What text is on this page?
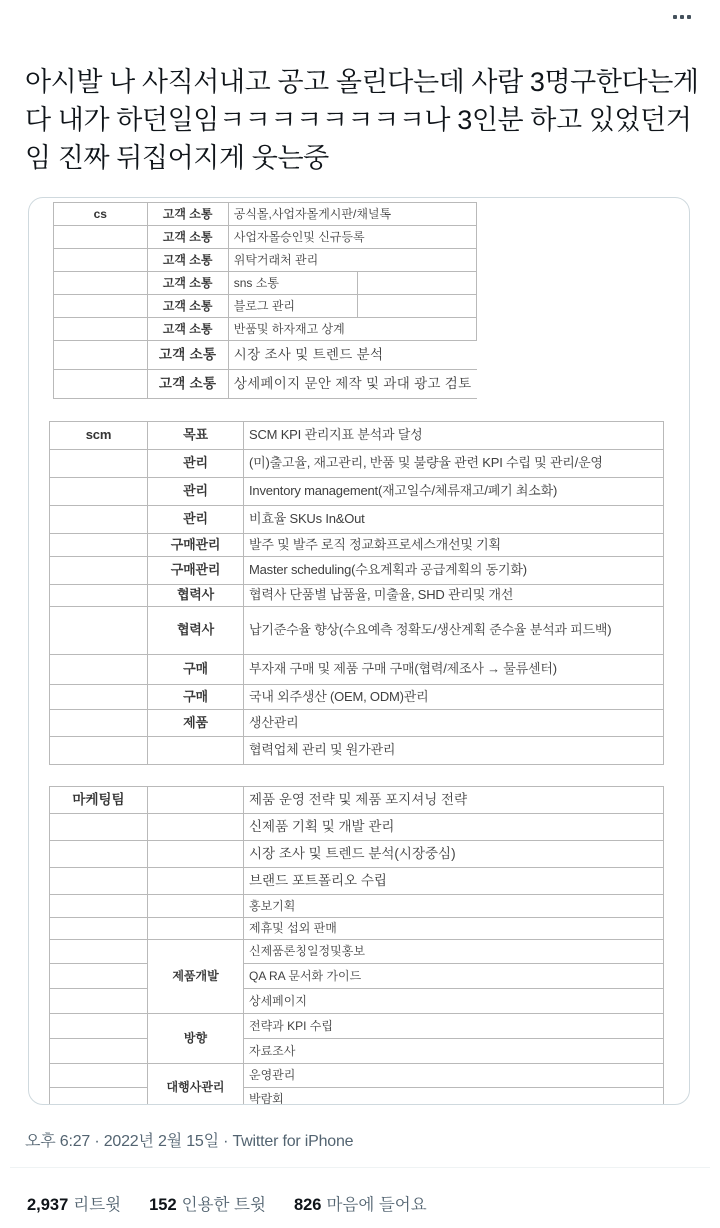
아시발 나 사직서내고 공고 올린다는데 사람 3명구한다는게 다 내가 하던일임ㅋㅋㅋㅋㅋㅋㅋㅋ나 3인분 하고 있었던거임 진짜 뒤집어지게 웃는중
cs	고객 소통	공식몰,사업자몰게시판/채널톡		
	고객 소통	사업자몰승인및 신규등록		
	고객 소통	위탁거래처 관리		
	고객 소통	sns 소통		
	고객 소통	블로그 관리		
	고객 소통	반품및 하자재고 상계		
	고객 소통	시장 조사 및 트렌드 분석		
	고객 소통	상세페이지 문안 제작 및 과대 광고 검토		
scm	목표	SCM KPI 관리지표 분석과 달성
	관리	(미)출고율, 재고관리, 반품 및 불량율 관련 KPI 수립 및 관리/운영
	관리	Inventory management(재고일수/체류재고/폐기 최소화)
	관리	비효율 SKUs In&Out
	구매관리	발주 및 발주 로직 정교화프로세스개선및 기획
	구매관리	Master scheduling(수요계획과 공급계획의 동기화)
	협력사	협력사 단품별 납품율, 미출율, SHD 관리및 개선
	협력사	납기준수율 향상(수요예측 정확도/생산계획 준수율 분석과 피드백)
	구매	부자재 구매 및 제품 구매 구매(협력/제조사 → 물류센터)
	구매	국내 외주생산 (OEM, ODM)관리
	제품	생산관리
		협력업체 관리 및 원가관리
마케팅팀		제품 운영 전략 및 제품 포지셔닝 전략
		신제품 기획 및 개발 관리
		시장 조사 및 트렌드 분석(시장중심)
		브랜드 포트폴리오 수립
		홍보기획
		제휴및 섭외 판매
	제품개발	신제품론칭일정및홍보
		QA RA 문서화 가이드
		상세페이지
	방향	전략과 KPI 수립
		자료조사
	대행사관리	운영관리
		박람회
오후 6:27 · 2022년 2월 15일 · Twitter for iPhone
2,937 리트윗 152 인용한 트윗 826 마음에 들어요
